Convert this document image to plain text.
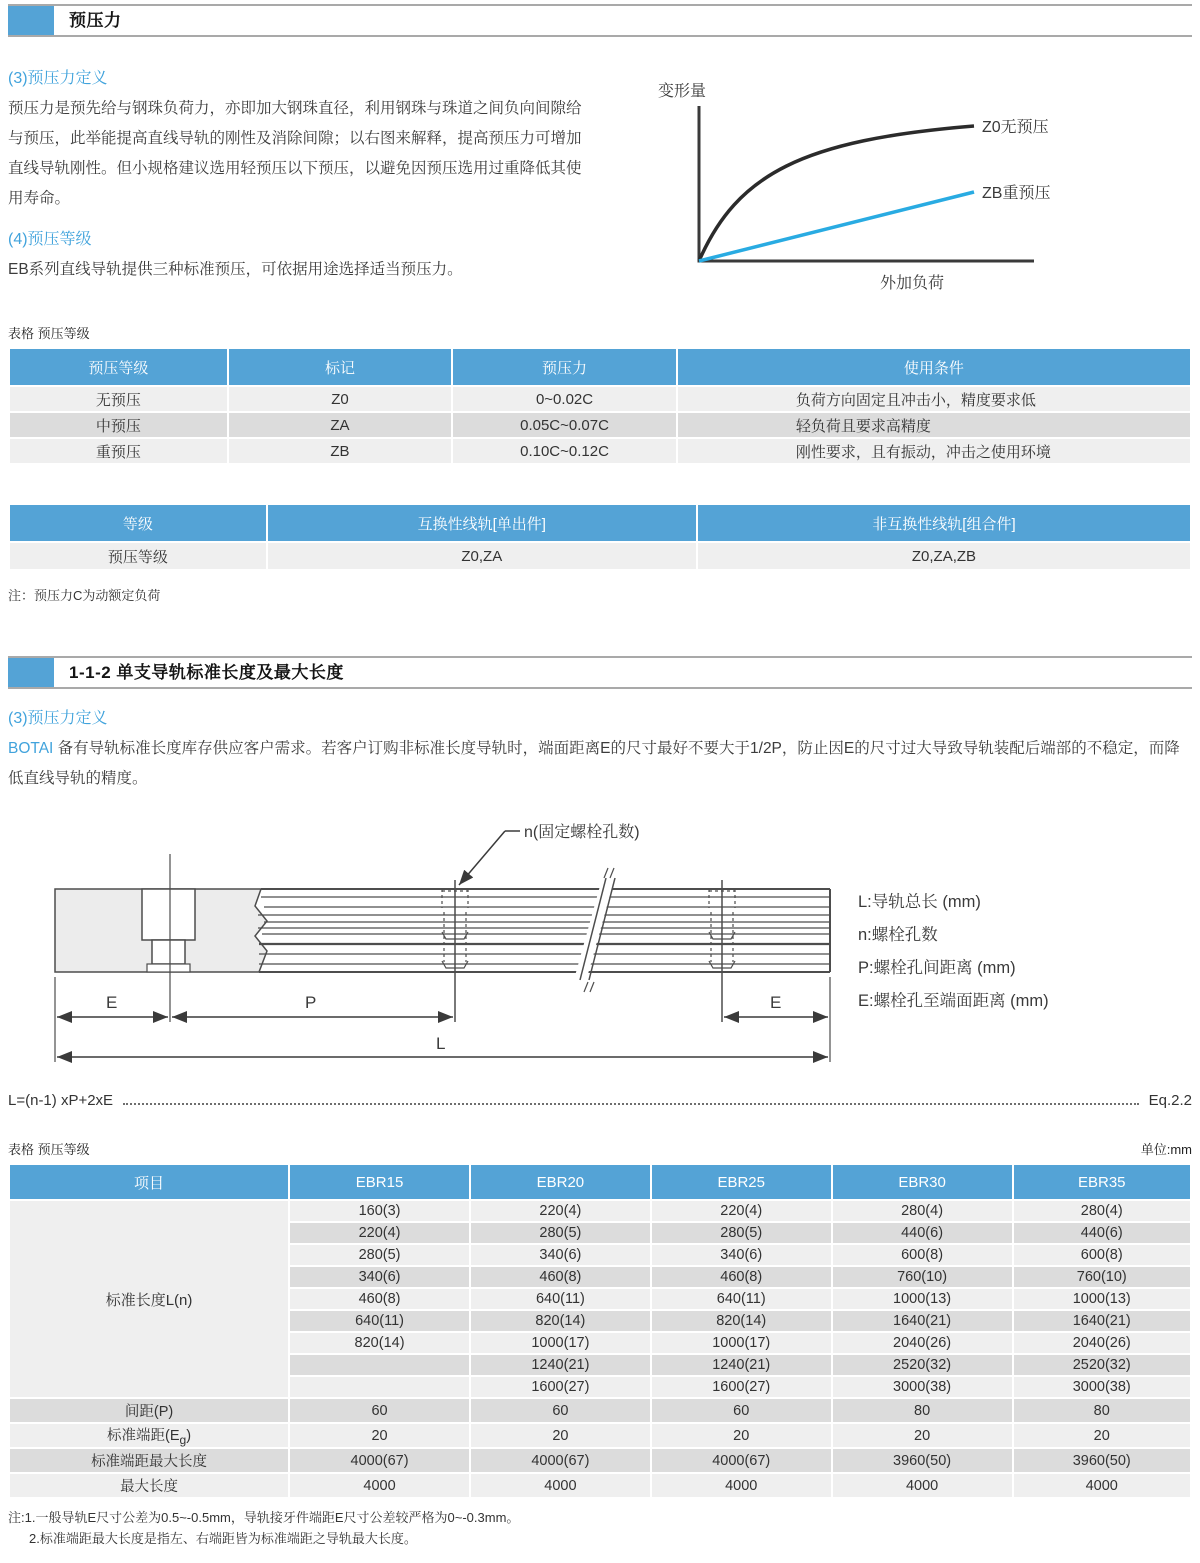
预压力
(3)预压力定义

预压力是预先给与钢珠负荷力，亦即加大钢珠直径，利用钢珠与珠道之间负向间隙给与预压，此举能提高直线导轨的刚性及消除间隙；以右图来解释，提高预压力可增加直线导轨刚性。但小规格建议选用轻预压以下预压，以避免因预压选用过重降低其使用寿命。

(4)预压等级

EB系列直线导轨提供三种标准预压，可依据用途选择适当预压力。

变形量
Z0无预压
ZB重预压
外加负荷
表格 预压等级
预压等级	标记	预压力	使用条件
无预压	Z0	0~0.02C	负荷方向固定且冲击小，精度要求低
中预压	ZA	0.05C~0.07C	轻负荷且要求高精度
重预压	ZB	0.10C~0.12C	刚性要求，且有振动，冲击之使用环境
等级	互换性线轨[单出件]	非互换性线轨[组合件]
预压等级	Z0,ZA	Z0,ZA,ZB
注：预压力C为动额定负荷
1-1-2 单支导轨标准长度及最大长度
(3)预压力定义

BOTAI 备有导轨标准长度库存供应客户需求。若客户订购非标准长度导轨时，端面距离E的尺寸最好不要大于1/2P，防止因E的尺寸过大导致导轨装配后端部的不稳定，而降低直线导轨的精度。

n(固定螺栓孔数)
E	P	E
L
L:导轨总长 (mm)
n:螺栓孔数
P:螺栓孔间距离 (mm)
E:螺栓孔至端面距离 (mm)
L=(n-1) xP+2xE	Eq.2.2
表格 预压等级	单位:mm
项目	EBR15	EBR20	EBR25	EBR30	EBR35
标准长度L(n)	160(3)	220(4)	220(4)	280(4)	280(4)
	220(4)	280(5)	280(5)	440(6)	440(6)
	280(5)	340(6)	340(6)	600(8)	600(8)
	340(6)	460(8)	460(8)	760(10)	760(10)
	460(8)	640(11)	640(11)	1000(13)	1000(13)
	640(11)	820(14)	820(14)	1640(21)	1640(21)
	820(14)	1000(17)	1000(17)	2040(26)	2040(26)
		1240(21)	1240(21)	2520(32)	2520(32)
		1600(27)	1600(27)	3000(38)	3000(38)
间距(P)	60	60	60	80	80
标准端距$(E_g)$	20	20	20	20	20
标准端距最大长度	4000(67)	4000(67)	4000(67)	3960(50)	3960(50)
最大长度	4000	4000	4000	4000	4000
注:1.一般导轨E尺寸公差为0.5~-0.5mm，导轨接牙件端距E尺寸公差较严格为0~-0.3mm。
2.标准端距最大长度是指左、右端距皆为标准端距之导轨最大长度。
